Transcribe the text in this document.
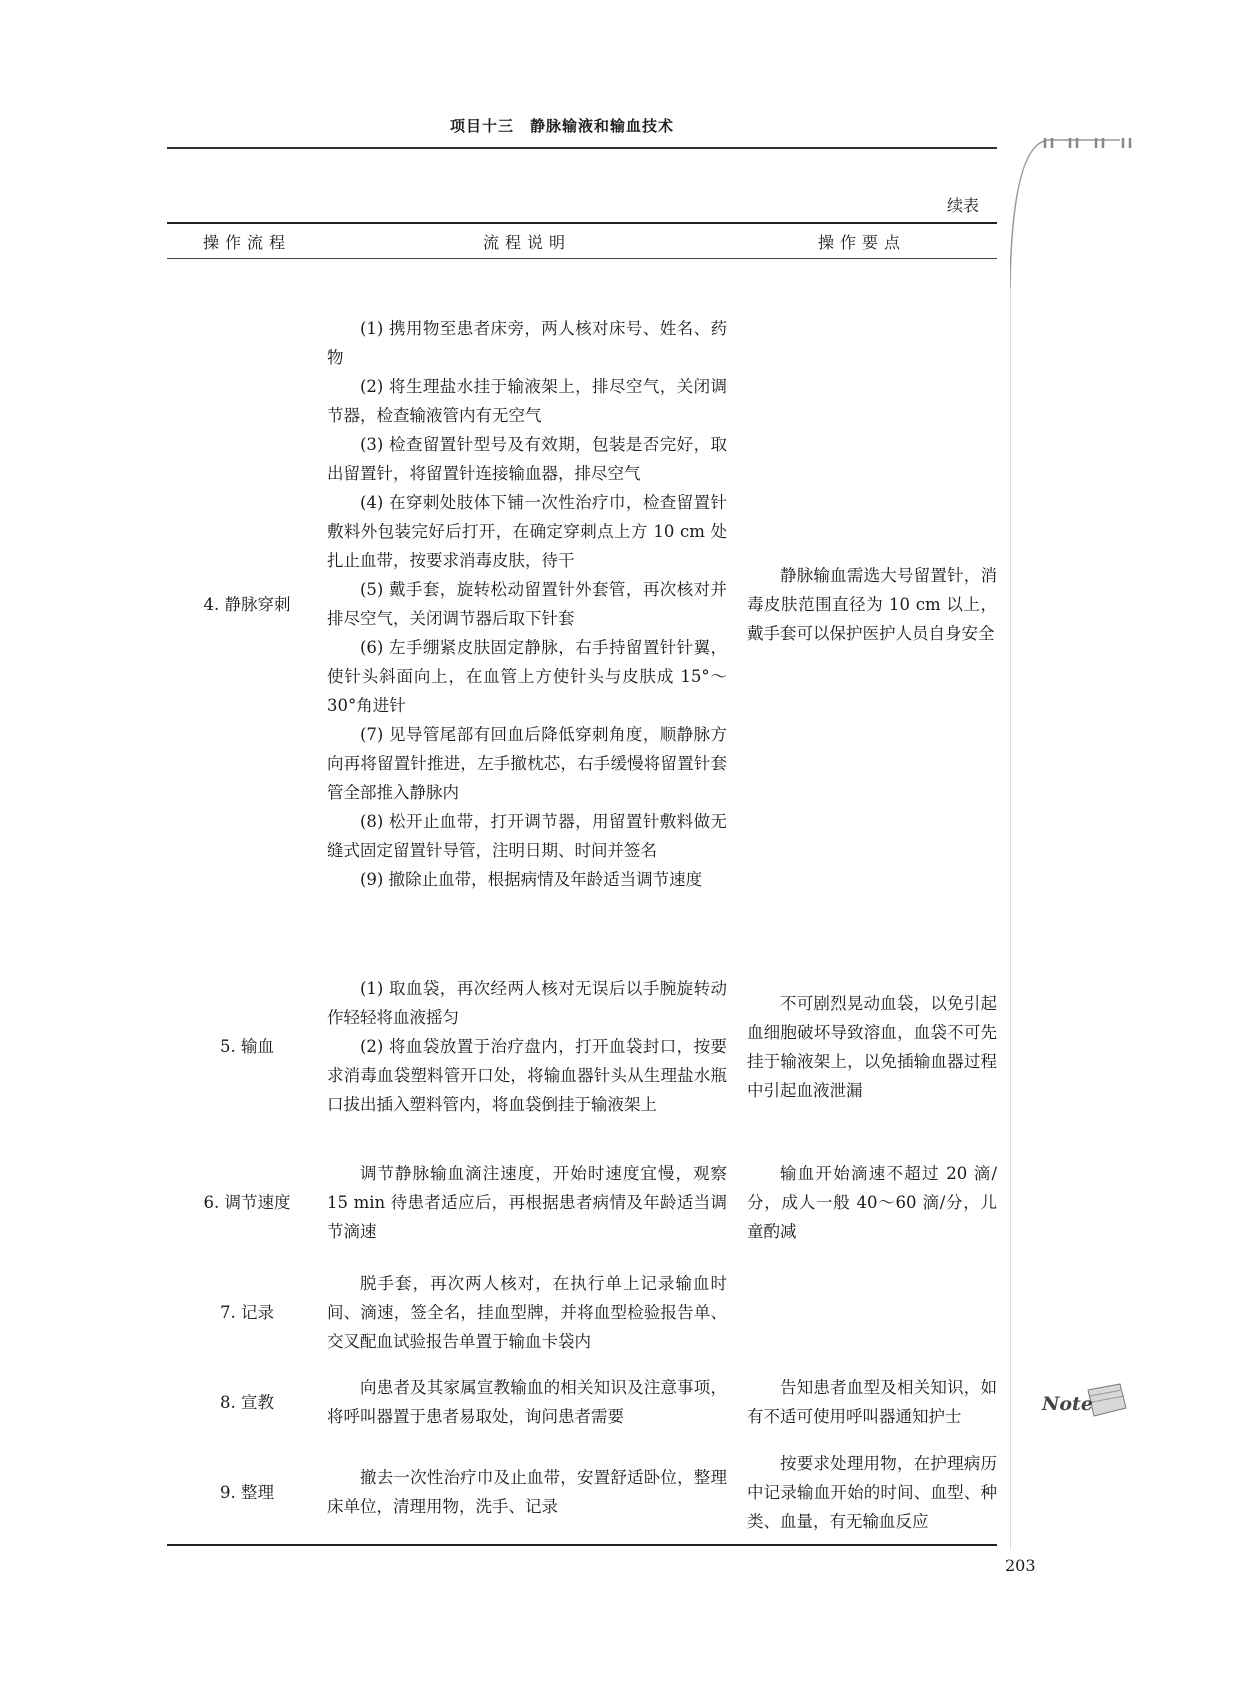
项目十三　静脉输液和输血技术
Note
续表
操作流程	流程说明	操作要点
4. 静脉穿刺
(1) 携用物至患者床旁，两人核对床号、姓名、药物
(2) 将生理盐水挂于输液架上，排尽空气，关闭调节器，检查输液管内有无空气
(3) 检查留置针型号及有效期，包装是否完好，取出留置针，将留置针连接输血器，排尽空气
(4) 在穿刺处肢体下铺一次性治疗巾，检查留置针敷料外包装完好后打开，在确定穿刺点上方 10 cm 处扎止血带，按要求消毒皮肤，待干
(5) 戴手套，旋转松动留置针外套管，再次核对并排尽空气，关闭调节器后取下针套
(6) 左手绷紧皮肤固定静脉，右手持留置针针翼，使针头斜面向上，在血管上方使针头与皮肤成 15°～30°角进针
(7) 见导管尾部有回血后降低穿刺角度，顺静脉方向再将留置针推进，左手撤枕芯，右手缓慢将留置针套管全部推入静脉内
(8) 松开止血带，打开调节器，用留置针敷料做无缝式固定留置针导管，注明日期、时间并签名
(9) 撤除止血带，根据病情及年龄适当调节速度
静脉输血需选大号留置针，消毒皮肤范围直径为 10 cm 以上，戴手套可以保护医护人员自身安全
5. 输血
(1) 取血袋，再次经两人核对无误后以手腕旋转动作轻轻将血液摇匀
(2) 将血袋放置于治疗盘内，打开血袋封口，按要求消毒血袋塑料管开口处，将输血器针头从生理盐水瓶口拔出插入塑料管内，将血袋倒挂于输液架上
不可剧烈晃动血袋，以免引起血细胞破坏导致溶血，血袋不可先挂于输液架上，以免插输血器过程中引起血液泄漏
6. 调节速度
调节静脉输血滴注速度，开始时速度宜慢，观察 15 min 待患者适应后，再根据患者病情及年龄适当调节滴速
输血开始滴速不超过 20 滴/分，成人一般 40～60 滴/分，儿童酌减
7. 记录
脱手套，再次两人核对，在执行单上记录输血时间、滴速，签全名，挂血型牌，并将血型检验报告单、交叉配血试验报告单置于输血卡袋内
8. 宣教
向患者及其家属宣教输血的相关知识及注意事项，将呼叫器置于患者易取处，询问患者需要
告知患者血型及相关知识，如有不适可使用呼叫器通知护士
9. 整理
撤去一次性治疗巾及止血带，安置舒适卧位，整理床单位，清理用物，洗手、记录
按要求处理用物，在护理病历中记录输血开始的时间、血型、种类、血量，有无输血反应
203
